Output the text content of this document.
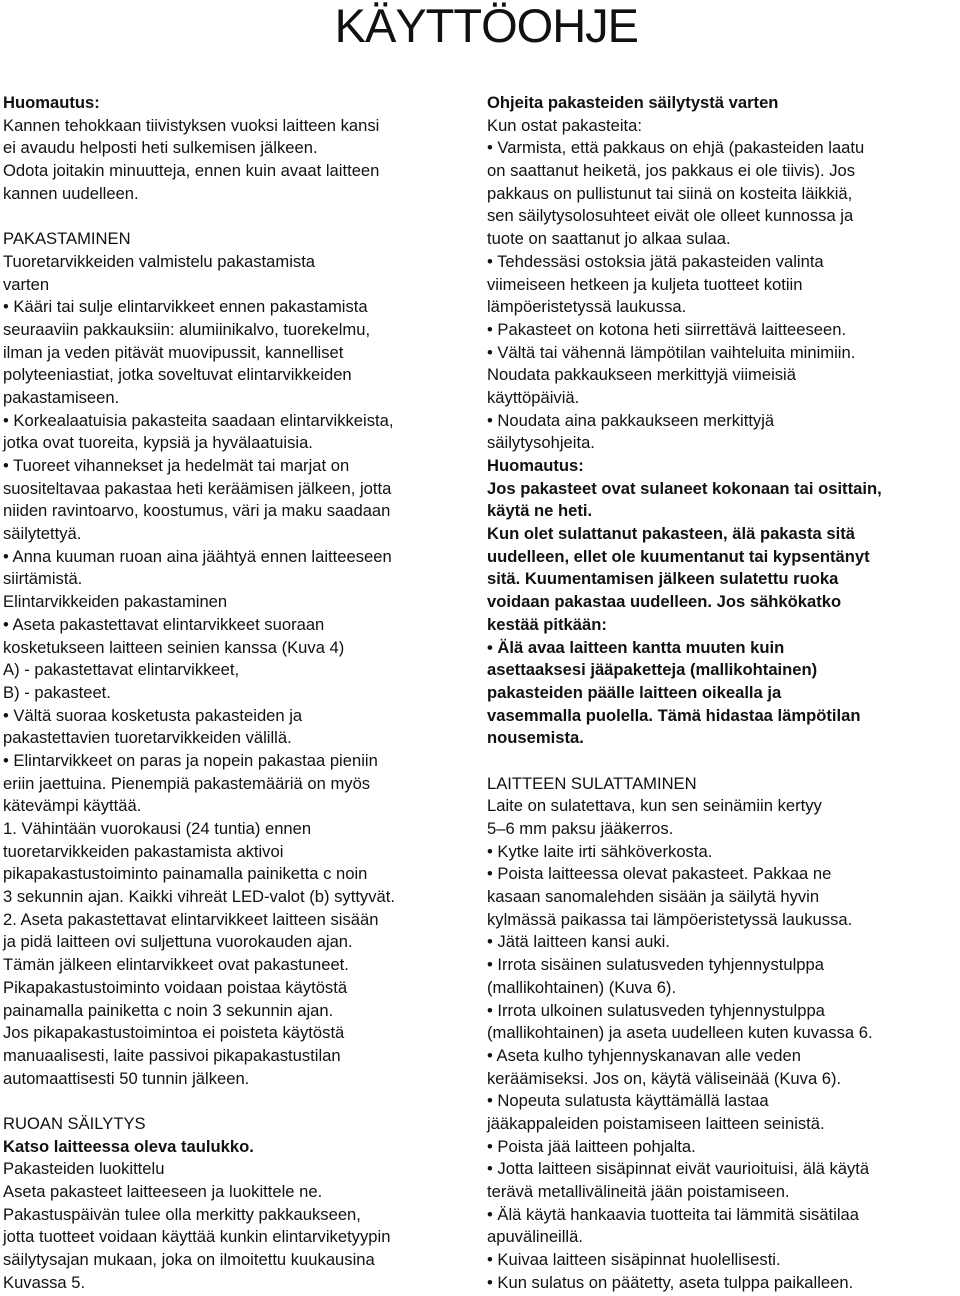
KÄYTTÖOHJE
Huomautus:
Kannen tehokkaan tiivistyksen vuoksi laitteen kansi
ei avaudu helposti heti sulkemisen jälkeen.
Odota joitakin minuutteja, ennen kuin avaat laitteen
kannen uudelleen.
PAKASTAMINEN
Tuoretarvikkeiden valmistelu pakastamista
varten
• Kääri tai sulje elintarvikkeet ennen pakastamista
seuraaviin pakkauksiin: alumiinikalvo, tuorekelmu,
ilman ja veden pitävät muovipussit, kannelliset
polyteeniastiat, jotka soveltuvat elintarvikkeiden
pakastamiseen.
• Korkealaatuisia pakasteita saadaan elintarvikkeista,
jotka ovat tuoreita, kypsiä ja hyvälaatuisia.
• Tuoreet vihannekset ja hedelmät tai marjat on
suositeltavaa pakastaa heti keräämisen jälkeen, jotta
niiden ravintoarvo, koostumus, väri ja maku saadaan
säilytettyä.
• Anna kuuman ruoan aina jäähtyä ennen laitteeseen
siirtämistä.
Elintarvikkeiden pakastaminen
• Aseta pakastettavat elintarvikkeet suoraan
kosketukseen laitteen seinien kanssa (Kuva 4)
A) - pakastettavat elintarvikkeet,
B) - pakasteet.
• Vältä suoraa kosketusta pakasteiden ja
pakastettavien tuoretarvikkeiden välillä.
• Elintarvikkeet on paras ja nopein pakastaa pieniin
eriin jaettuina. Pienempiä pakastemääriä on myös
kätevämpi käyttää.
1. Vähintään vuorokausi (24 tuntia) ennen
tuoretarvikkeiden pakastamista aktivoi
pikapakastustoiminto painamalla painiketta c noin
3 sekunnin ajan. Kaikki vihreät LED-valot (b) syttyvät.
2. Aseta pakastettavat elintarvikkeet laitteen sisään
ja pidä laitteen ovi suljettuna vuorokauden ajan.
Tämän jälkeen elintarvikkeet ovat pakastuneet.
Pikapakastustoiminto voidaan poistaa käytöstä
painamalla painiketta c noin 3 sekunnin ajan.
Jos pikapakastustoimintoa ei poisteta käytöstä
manuaalisesti, laite passivoi pikapakastustilan
automaattisesti 50 tunnin jälkeen.
RUOAN SÄILYTYS
Katso laitteessa oleva taulukko.
Pakasteiden luokittelu
Aseta pakasteet laitteeseen ja luokittele ne.
Pakastuspäivän tulee olla merkitty pakkaukseen,
jotta tuotteet voidaan käyttää kunkin elintarviketyypin
säilytysajan mukaan, joka on ilmoitettu kuukausina
Kuvassa 5.
Ohjeita pakasteiden säilytystä varten
Kun ostat pakasteita:
• Varmista, että pakkaus on ehjä (pakasteiden laatu
on saattanut heiketä, jos pakkaus ei ole tiivis). Jos
pakkaus on pullistunut tai siinä on kosteita läikkiä,
sen säilytysolosuhteet eivät ole olleet kunnossa ja
tuote on saattanut jo alkaa sulaa.
• Tehdessäsi ostoksia jätä pakasteiden valinta
viimeiseen hetkeen ja kuljeta tuotteet kotiin
lämpöeristetyssä laukussa.
• Pakasteet on kotona heti siirrettävä laitteeseen.
• Vältä tai vähennä lämpötilan vaihteluita minimiin.
Noudata pakkaukseen merkittyjä viimeisiä
käyttöpäiviä.
• Noudata aina pakkaukseen merkittyjä
säilytysohjeita.
Huomautus:
Jos pakasteet ovat sulaneet kokonaan tai osittain,
käytä ne heti.
Kun olet sulattanut pakasteen, älä pakasta sitä
uudelleen, ellet ole kuumentanut tai kypsentänyt
sitä. Kuumentamisen jälkeen sulatettu ruoka
voidaan pakastaa uudelleen. Jos sähkökatko
kestää pitkään:
• Älä avaa laitteen kantta muuten kuin
asettaaksesi jääpaketteja (mallikohtainen)
pakasteiden päälle laitteen oikealla ja
vasemmalla puolella. Tämä hidastaa lämpötilan
nousemista.
LAITTEEN SULATTAMINEN
Laite on sulatettava, kun sen seinämiin kertyy
5–6 mm paksu jääkerros.
• Kytke laite irti sähköverkosta.
• Poista laitteessa olevat pakasteet. Pakkaa ne
kasaan sanomalehden sisään ja säilytä hyvin
kylmässä paikassa tai lämpöeristetyssä laukussa.
• Jätä laitteen kansi auki.
• Irrota sisäinen sulatusveden tyhjennystulppa
(mallikohtainen) (Kuva 6).
• Irrota ulkoinen sulatusveden tyhjennystulppa
(mallikohtainen) ja aseta uudelleen kuten kuvassa 6.
• Aseta kulho tyhjennyskanavan alle veden
keräämiseksi. Jos on, käytä väliseinää (Kuva 6).
• Nopeuta sulatusta käyttämällä lastaa
jääkappaleiden poistamiseen laitteen seinistä.
• Poista jää laitteen pohjalta.
• Jotta laitteen sisäpinnat eivät vaurioituisi, älä käytä
terävä metallivälineitä jään poistamiseen.
• Älä käytä hankaavia tuotteita tai lämmitä sisätilaa
apuvälineillä.
• Kuivaa laitteen sisäpinnat huolellisesti.
• Kun sulatus on päätetty, aseta tulppa paikalleen.
